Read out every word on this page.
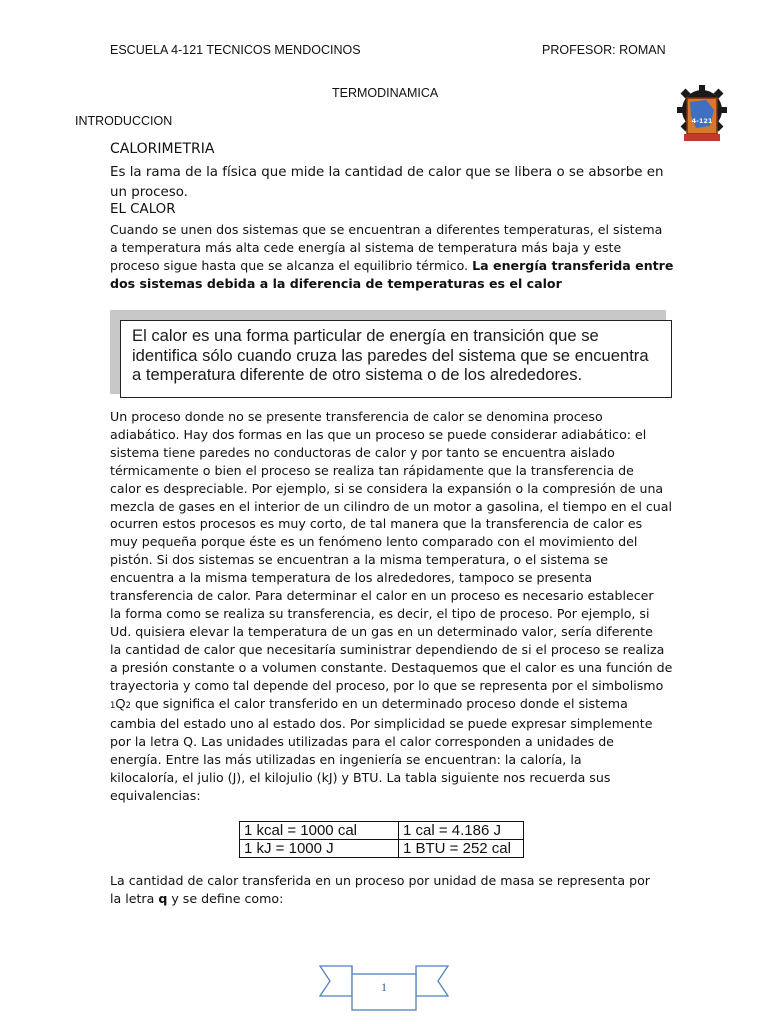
ESCUELA 4-121 TECNICOS MENDOCINOS	PROFESOR: ROMAN
TERMODINAMICA
INTRODUCCION	4-121
CALORIMETRIA
Es la rama de la física que mide la cantidad de calor que se libera o se absorbe en
un proceso.
EL CALOR
Cuando se unen dos sistemas que se encuentran a diferentes temperaturas, el sistema
a temperatura más alta cede energía al sistema de temperatura más baja y este
proceso sigue hasta que se alcanza el equilibrio térmico. La energía transferida entre
dos sistemas debida a la diferencia de temperaturas es el calor
El calor es una forma particular de energía en transición que se
identifica sólo cuando cruza las paredes del sistema que se encuentra
a temperatura diferente de otro sistema o de los alrededores.
Un proceso donde no se presente transferencia de calor se denomina proceso
adiabático. Hay dos formas en las que un proceso se puede considerar adiabático: el
sistema tiene paredes no conductoras de calor y por tanto se encuentra aislado
térmicamente o bien el proceso se realiza tan rápidamente que la transferencia de
calor es despreciable. Por ejemplo, si se considera la expansión o la compresión de una
mezcla de gases en el interior de un cilindro de un motor a gasolina, el tiempo en el cual
ocurren estos procesos es muy corto, de tal manera que la transferencia de calor es
muy pequeña porque éste es un fenómeno lento comparado con el movimiento del
pistón. Si dos sistemas se encuentran a la misma temperatura, o el sistema se
encuentra a la misma temperatura de los alrededores, tampoco se presenta
transferencia de calor. Para determinar el calor en un proceso es necesario establecer
la forma como se realiza su transferencia, es decir, el tipo de proceso. Por ejemplo, si
Ud. quisiera elevar la temperatura de un gas en un determinado valor, sería diferente
la cantidad de calor que necesitaría suministrar dependiendo de si el proceso se realiza
a presión constante o a volumen constante. Destaquemos que el calor es una función de
trayectoria y como tal depende del proceso, por lo que se representa por el simbolismo
1Q2 que significa el calor transferido en un determinado proceso donde el sistema
cambia del estado uno al estado dos. Por simplicidad se puede expresar simplemente
por la letra Q. Las unidades utilizadas para el calor corresponden a unidades de
energía. Entre las más utilizadas en ingeniería se encuentran: la caloría, la
kilocaloría, el julio (J), el kilojulio (kJ) y BTU. La tabla siguiente nos recuerda sus
equivalencias:
1 kcal = 1000 cal	1 cal = 4.186 J
1 kJ = 1000 J	1 BTU = 252 cal
La cantidad de calor transferida en un proceso por unidad de masa se representa por
la letra q y se define como:
1
